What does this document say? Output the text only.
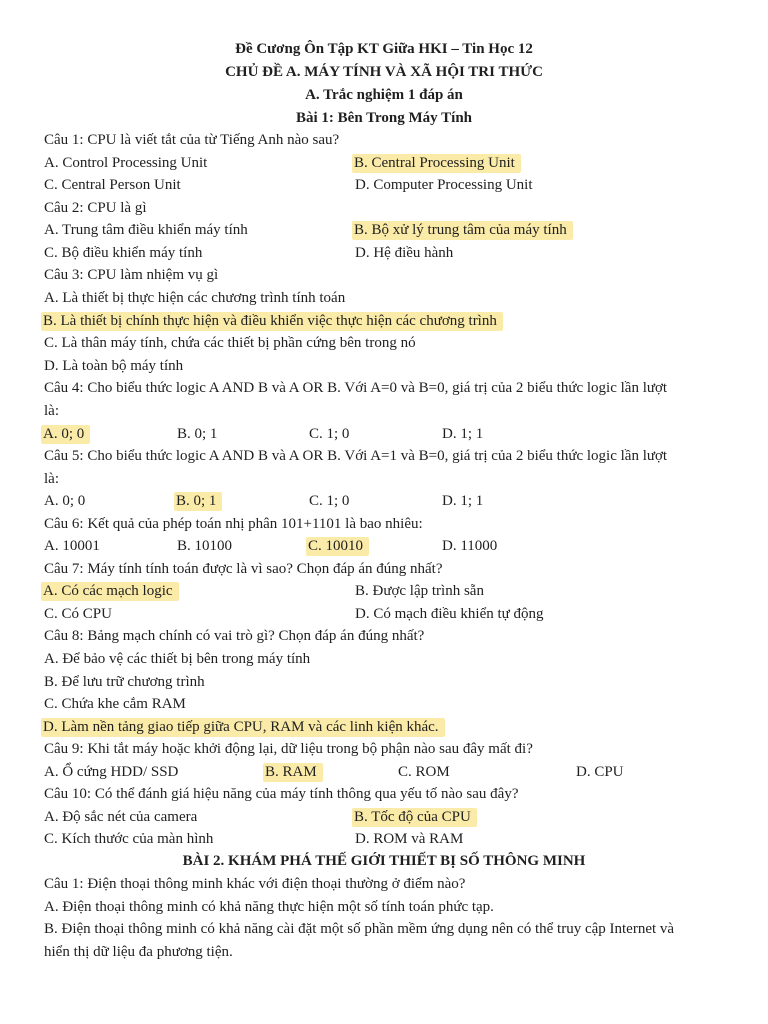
Đề Cương Ôn Tập KT Giữa HKI – Tin Học 12
CHỦ ĐỀ A. MÁY TÍNH VÀ XÃ HỘI TRI THỨC
A. Trắc nghiệm 1 đáp án
Bài 1: Bên Trong Máy Tính
Câu 1: CPU là viết tắt của từ Tiếng Anh nào sau?
A. Control Processing Unit	B. Central Processing Unit
C. Central Person Unit	D. Computer Processing Unit
Câu 2: CPU là gì
A. Trung tâm điều khiển máy tính	B. Bộ xử lý trung tâm của máy tính
C. Bộ điều khiển máy tính	D. Hệ điều hành
Câu 3: CPU làm nhiệm vụ gì
A. Là thiết bị thực hiện các chương trình tính toán
B. Là thiết bị chính thực hiện và điều khiển việc thực hiện các chương trình
C. Là thân máy tính, chứa các thiết bị phần cứng bên trong nó
D. Là toàn bộ máy tính
Câu 4: Cho biểu thức logic A AND B và A OR B. Với A=0 và B=0, giá trị của 2 biểu thức logic lần lượt
là:
A. 0; 0	B. 0; 1	C. 1; 0	D. 1; 1
Câu 5: Cho biểu thức logic A AND B và A OR B. Với A=1 và B=0, giá trị của 2 biểu thức logic lần lượt
là:
A. 0; 0	B. 0; 1	C. 1; 0	D. 1; 1
Câu 6: Kết quả của phép toán nhị phân 101+1101 là bao nhiêu:
A. 10001	B. 10100	C. 10010	D. 11000
Câu 7: Máy tính tính toán được là vì sao? Chọn đáp án đúng nhất?
A. Có các mạch logic	B. Được lập trình sẵn
C. Có CPU	D. Có mạch điều khiển tự động
Câu 8: Bảng mạch chính có vai trò gì? Chọn đáp án đúng nhất?
A. Để bảo vệ các thiết bị bên trong máy tính
B. Để lưu trữ chương trình
C. Chứa khe cắm RAM
D. Làm nền tảng giao tiếp giữa CPU, RAM và các linh kiện khác.
Câu 9: Khi tắt máy hoặc khởi động lại, dữ liệu trong bộ phận nào sau đây mất đi?
A. Ổ cứng HDD/ SSD	B. RAM	C. ROM	D. CPU
Câu 10: Có thể đánh giá hiệu năng của máy tính thông qua yếu tố nào sau đây?
A. Độ sắc nét của camera	B. Tốc độ của CPU
C. Kích thước của màn hình	D. ROM và RAM
BÀI 2. KHÁM PHÁ THẾ GIỚI THIẾT BỊ SỐ THÔNG MINH
Câu 1: Điện thoại thông minh khác với điện thoại thường ở điểm nào?
A. Điện thoại thông minh có khả năng thực hiện một số tính toán phức tạp.
B. Điện thoại thông minh có khả năng cài đặt một số phần mềm ứng dụng nên có thể truy cập Internet và
hiển thị dữ liệu đa phương tiện.
